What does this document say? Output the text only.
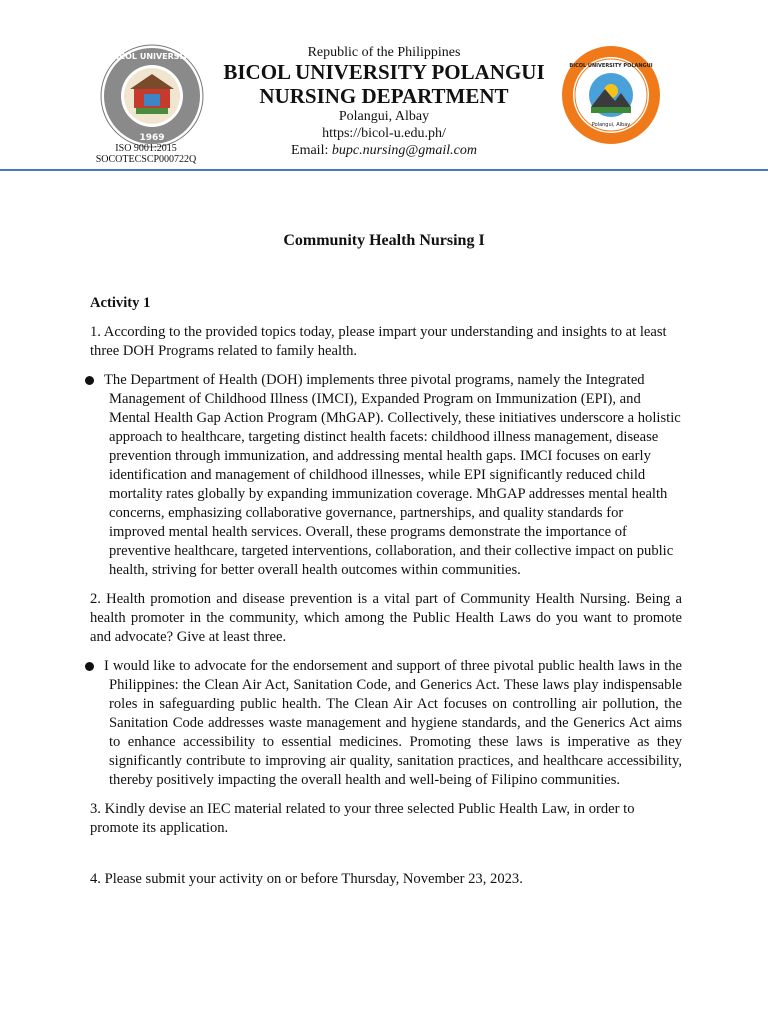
BICOL UNIVERSITY
1969
ISO 9001:2015
SOCOTECSCP000722Q
Republic of the Philippines
BICOL UNIVERSITY POLANGUI
NURSING DEPARTMENT
Polangui, Albay
https://bicol-u.edu.ph/
Email: bupc.nursing@gmail.com
BICOL UNIVERSITY POLANGUI
Polangui, Albay
Community Health Nursing I
Activity 1
1. According to the provided topics today, please impart your understanding and insights to at least three DOH Programs related to family health.
The Department of Health (DOH) implements three pivotal programs, namely the Integrated Management of Childhood Illness (IMCI), Expanded Program on Immunization (EPI), and Mental Health Gap Action Program (MhGAP). Collectively, these initiatives underscore a holistic approach to healthcare, targeting distinct health facets: childhood illness management, disease prevention through immunization, and addressing mental health gaps. IMCI focuses on early identification and management of childhood illnesses, while EPI significantly reduced child mortality rates globally by expanding immunization coverage. MhGAP addresses mental health concerns, emphasizing collaborative governance, partnerships, and quality standards for improved mental health services. Overall, these programs demonstrate the importance of preventive healthcare, targeted interventions, collaboration, and their collective impact on public health, striving for better overall health outcomes within communities.
2. Health promotion and disease prevention is a vital part of Community Health Nursing. Being a health promoter in the community, which among the Public Health Laws do you want to promote and advocate? Give at least three.
I would like to advocate for the endorsement and support of three pivotal public health laws in the Philippines: the Clean Air Act, Sanitation Code, and Generics Act. These laws play indispensable roles in safeguarding public health. The Clean Air Act focuses on controlling air pollution, the Sanitation Code addresses waste management and hygiene standards, and the Generics Act aims to enhance accessibility to essential medicines. Promoting these laws is imperative as they significantly contribute to improving air quality, sanitation practices, and healthcare accessibility, thereby positively impacting the overall health and well-being of Filipino communities.
3. Kindly devise an IEC material related to your three selected Public Health Law, in order to promote its application.
4. Please submit your activity on or before Thursday, November 23, 2023.
